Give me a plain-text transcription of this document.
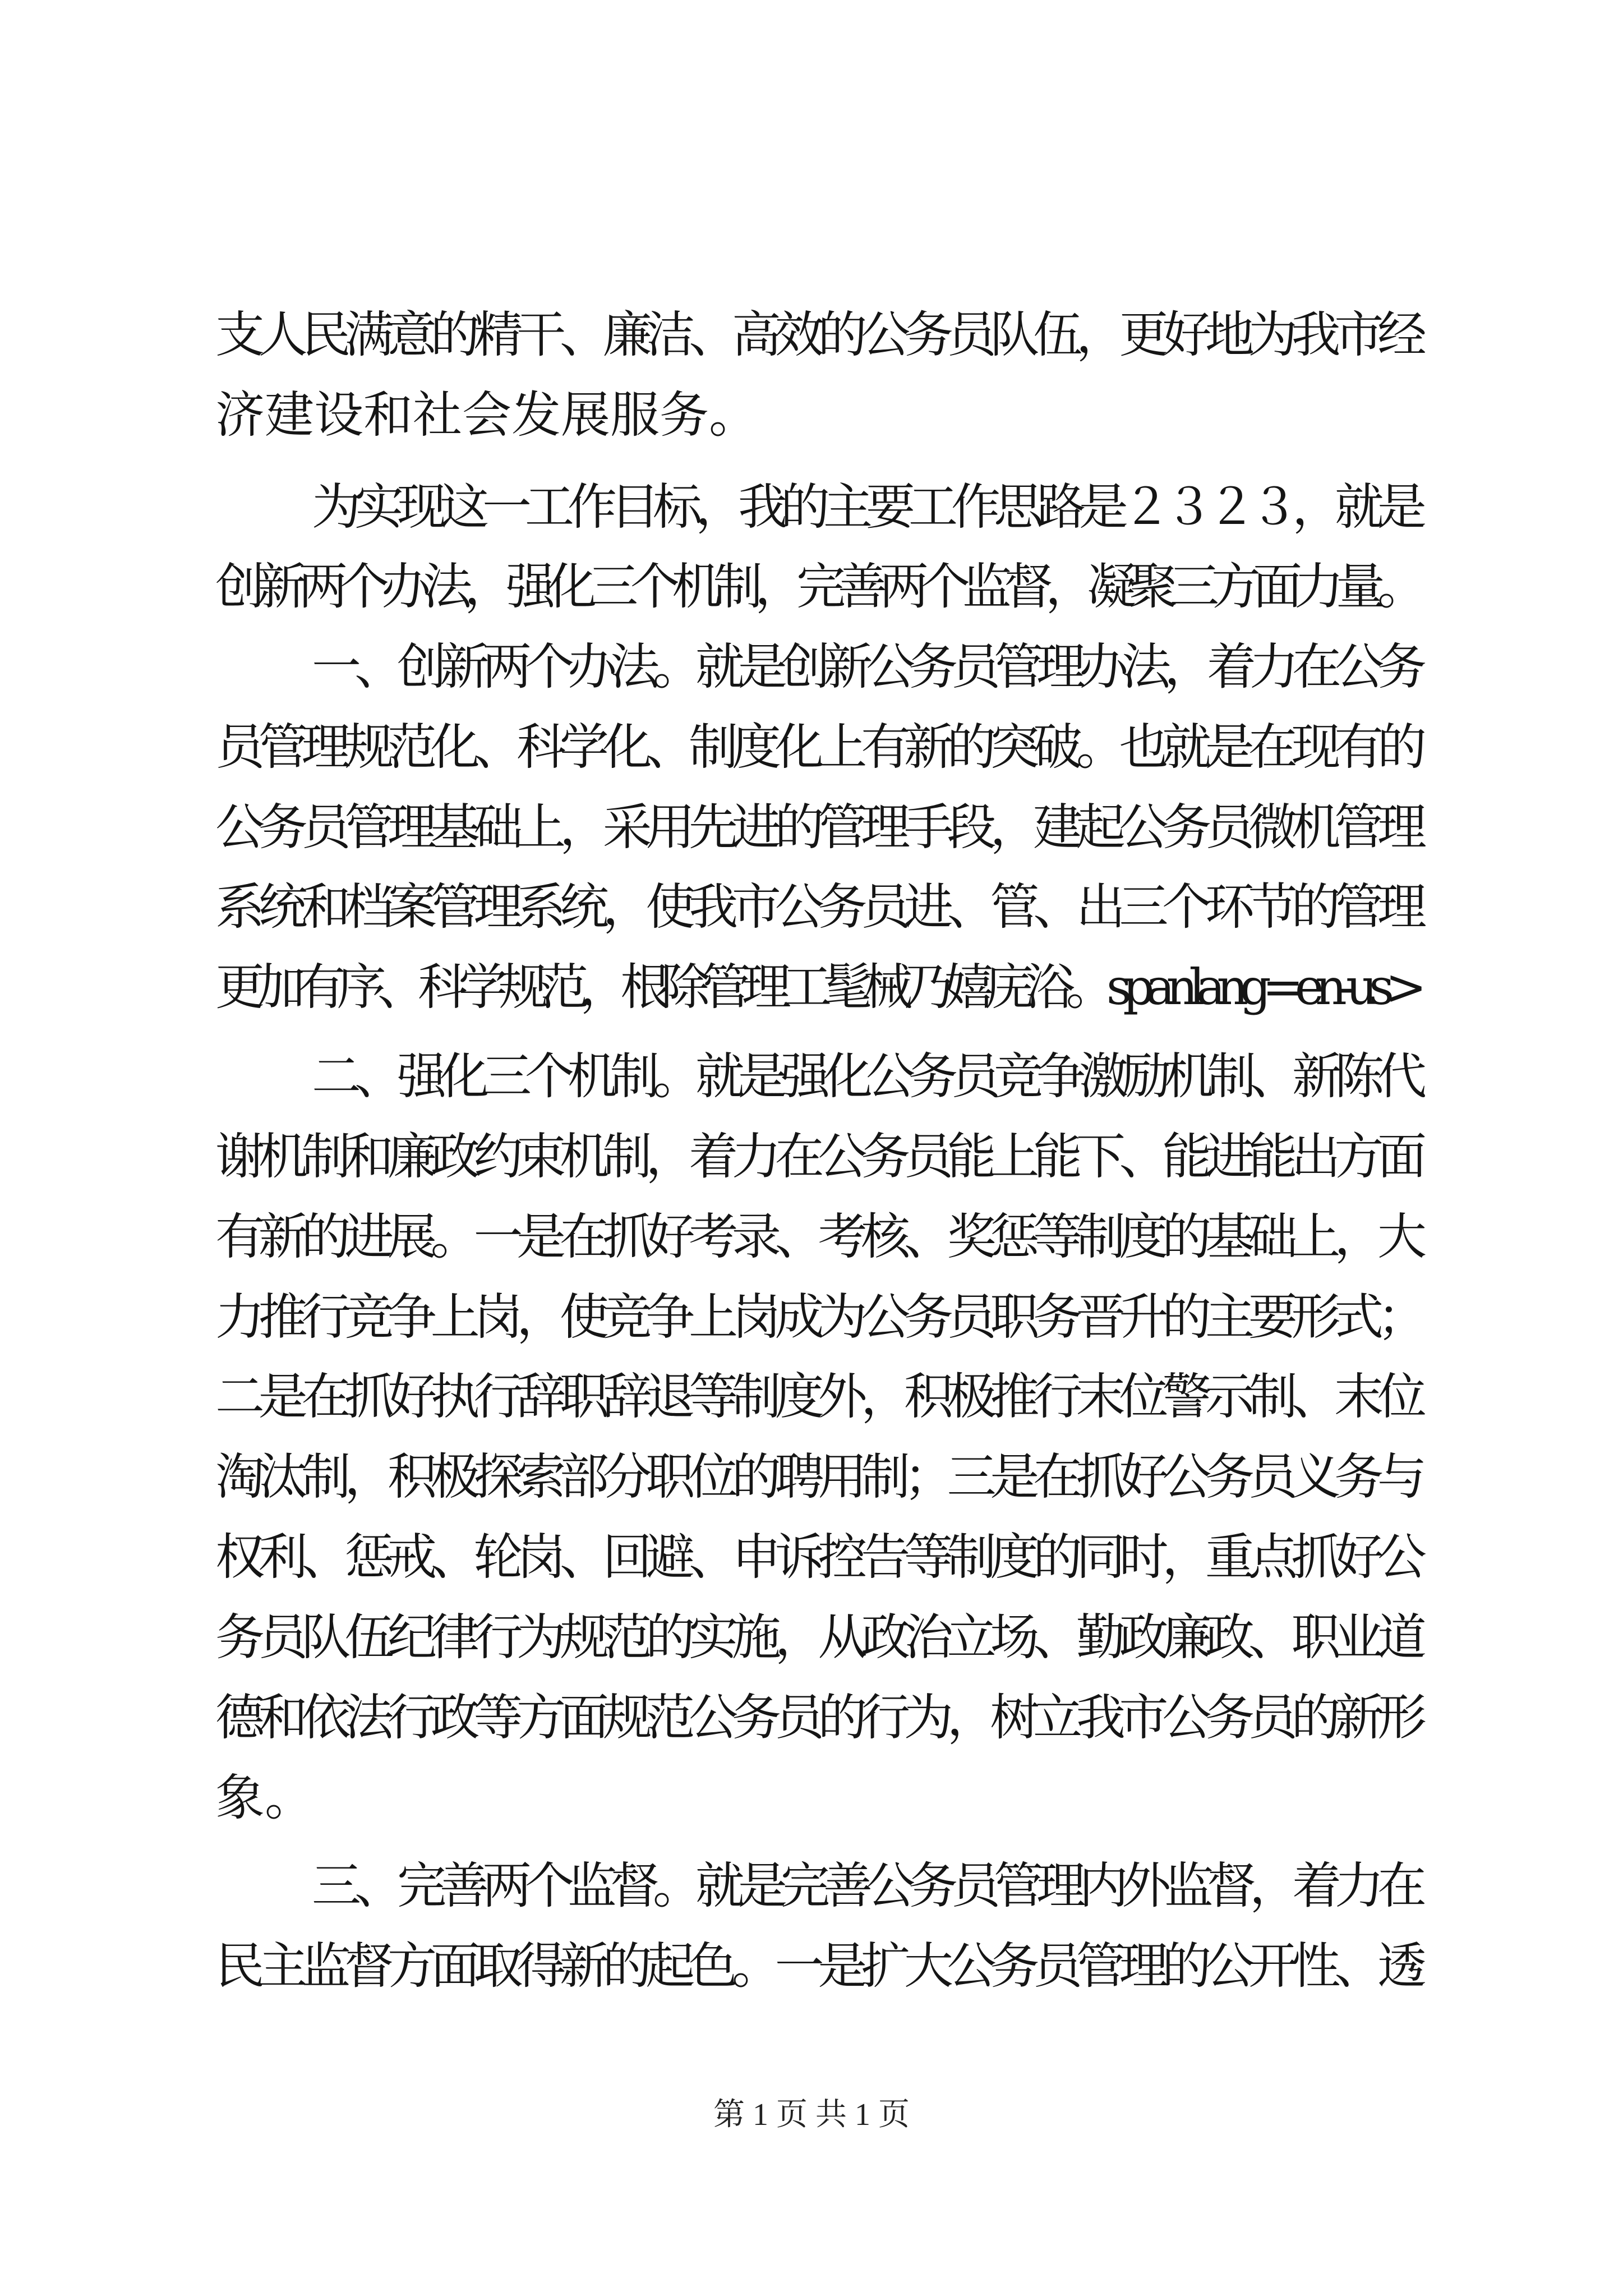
支人民满意的精干、廉洁、高效的公务员队伍，更好地为我市经
济建设和社会发展服务。
为实现这一工作目标，我的主要工作思路是２３２３，就是
创新两个办法，强化三个机制，完善两个监督，凝聚三方面力量。
一、创新两个办法。就是创新公务员管理办法，着力在公务
员管理规范化、科学化、制度化上有新的突破。也就是在现有的
公务员管理基础上，采用先进的管理手段，建起公务员微机管理
系统和档案管理系统，使我市公务员进、管、出三个环节的管理
更加有序、科学规范，根除管理工髦械乃嬉庑浴。spanlang=en-us>
二、强化三个机制。就是强化公务员竞争激励机制、新陈代
谢机制和廉政约束机制，着力在公务员能上能下、能进能出方面
有新的进展。一是在抓好考录、考核、奖惩等制度的基础上，大
力推行竞争上岗，使竞争上岗成为公务员职务晋升的主要形式；
二是在抓好执行辞职辞退等制度外，积极推行末位警示制、末位
淘汰制，积极探索部分职位的聘用制；三是在抓好公务员义务与
权利、惩戒、轮岗、回避、申诉控告等制度的同时，重点抓好公
务员队伍纪律行为规范的实施，从政治立场、勤政廉政、职业道
德和依法行政等方面规范公务员的行为，树立我市公务员的新形
象。
三、完善两个监督。就是完善公务员管理内外监督，着力在
民主监督方面取得新的起色。一是扩大公务员管理的公开性、透
第 1 页 共 1 页
